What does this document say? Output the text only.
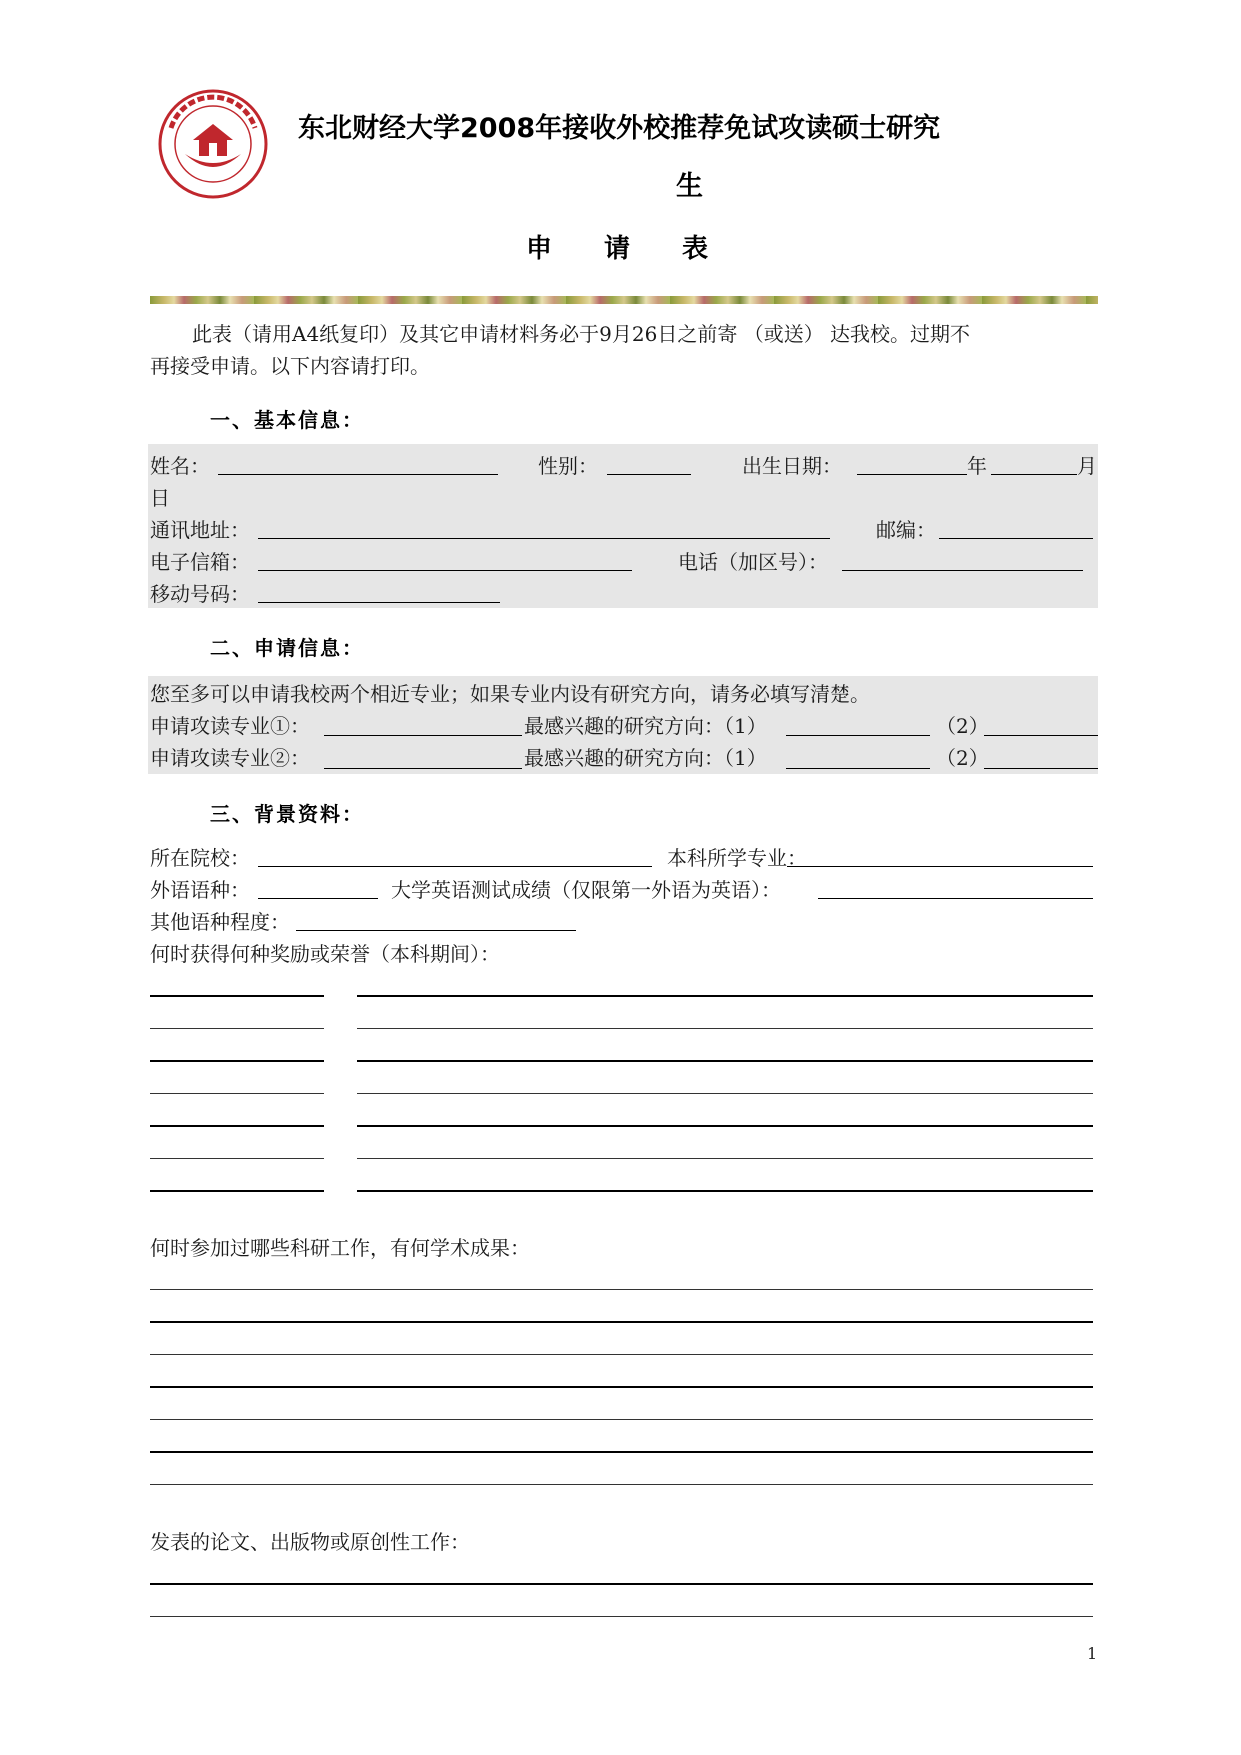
东北财经大学2008年接收外校推荐免试攻读硕士研究
生
申　　请　　表
此表（请用A4纸复印）及其它申请材料务必于9月26日之前寄 （或送） 达我校。过期不
再接受申请。以下内容请打印。
一、基本信息：
姓名：	性别：	出生日期：	年	月
日
通讯地址：	邮编：
电子信箱：	电话（加区号）：
移动号码：
二、申请信息：
您至多可以申请我校两个相近专业；如果专业内设有研究方向，请务必填写清楚。
申请攻读专业①：	最感兴趣的研究方向：（1）	（2）
申请攻读专业②：	最感兴趣的研究方向：（1）	（2）
三、背景资料：
所在院校：	本科所学专业：
外语语种：	大学英语测试成绩（仅限第一外语为英语）：
其他语种程度：
何时获得何种奖励或荣誉（本科期间）：
何时参加过哪些科研工作，有何学术成果：
发表的论文、出版物或原创性工作：
1
